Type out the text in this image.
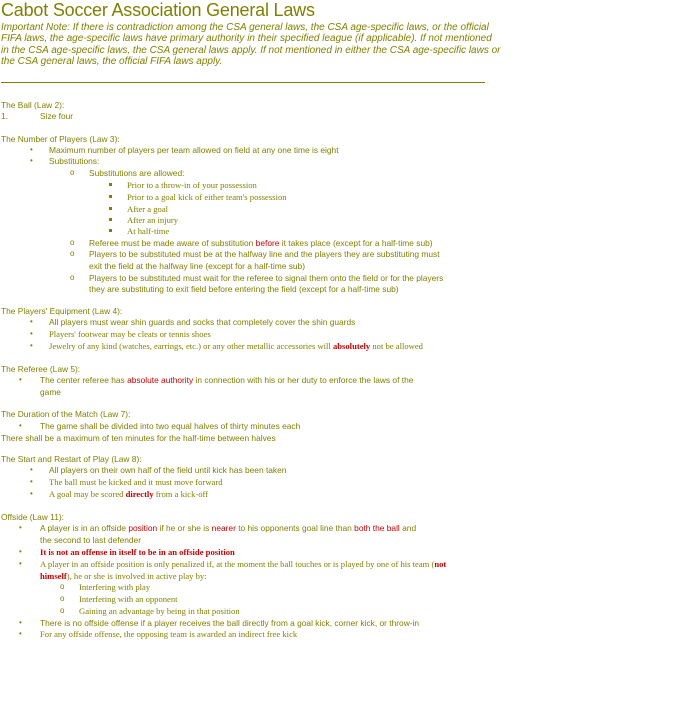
Cabot Soccer Association General Laws
Important Note: If there is contradiction among the CSA general laws, the CSA age-specific laws, or the official FIFA laws, the age-specific laws have primary authority in their specified league (if applicable). If not mentioned in the CSA age-specific laws, the CSA general laws apply. If not mentioned in either the CSA age-specific laws or the CSA general laws, the official FIFA laws apply.
The Ball (Law 2):
1.	Size four
The Number of Players (Law 3):
• Maximum number of players per team allowed on field at any one time is eight
• Substitutions:
o Substitutions are allowed:
Prior to a throw-in of your possession
Prior to a goal kick of either team's possession
After a goal
After an injury
At half-time
o Referee must be made aware of substitution before it takes place (except for a half-time sub)
o Players to be substituted must be at the halfway line and the players they are substituting must
exit the field at the halfway line (except for a half-time sub)
o Players to be substituted must wait for the referee to signal them onto the field or for the players
they are substituting to exit field before entering the field (except for a half-time sub)
The Players' Equipment (Law 4):
• All players must wear shin guards and socks that completely cover the shin guards
• Players' footwear may be cleats or tennis shoes
• Jewelry of any kind (watches, earrings, etc.) or any other metallic accessories will absolutely not be allowed
The Referee (Law 5):
• The center referee has absolute authority in connection with his or her duty to enforce the laws of the
game
The Duration of the Match (Law 7):
• The game shall be divided into two equal halves of thirty minutes each
There shall be a maximum of ten minutes for the half-time between halves
The Start and Restart of Play (Law 8):
• All players on their own half of the field until kick has been taken
• The ball must be kicked and it must move forward
• A goal may be scored directly from a kick-off
Offside (Law 11):
• A player is in an offside position if he or she is nearer to his opponents goal line than both the ball and
the second to last defender
• It is not an offense in itself to be in an offside position
• A player in an offside position is only penalized if, at the moment the ball touches or is played by one of his team (not
himself), he or she is involved in active play by:
o Interfering with play
o Interfering with an opponent
o Gaining an advantage by being in that position
• There is no offside offense if a player receives the ball directly from a goal kick, corner kick, or throw-in
• For any offside offense, the opposing team is awarded an indirect free kick
